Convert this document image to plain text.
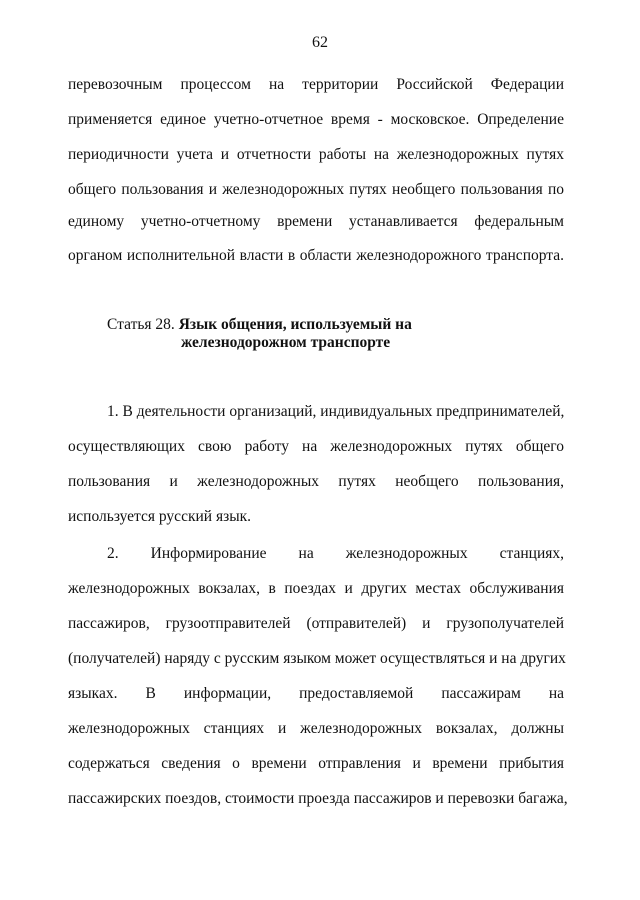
62
перевозочным процессом на территории Российской Федерации
применяется единое учетно-отчетное время - московское. Определение
периодичности учета и отчетности работы на железнодорожных путях
общего пользования и железнодорожных путях необщего пользования по
единому учетно-отчетному времени устанавливается федеральным
органом исполнительной власти в области железнодорожного транспорта.
Статья 28. Язык общения, используемый на
железнодорожном транспорте
1. В деятельности организаций, индивидуальных предпринимателей,
осуществляющих свою работу на железнодорожных путях общего
пользования и железнодорожных путях необщего пользования,
используется русский язык.
2. Информирование на железнодорожных станциях,
железнодорожных вокзалах, в поездах и других местах обслуживания
пассажиров, грузоотправителей (отправителей) и грузополучателей
(получателей) наряду с русским языком может осуществляться и на других
языках. В информации, предоставляемой пассажирам на
железнодорожных станциях и железнодорожных вокзалах, должны
содержаться сведения о времени отправления и времени прибытия
пассажирских поездов, стоимости проезда пассажиров и перевозки багажа,
